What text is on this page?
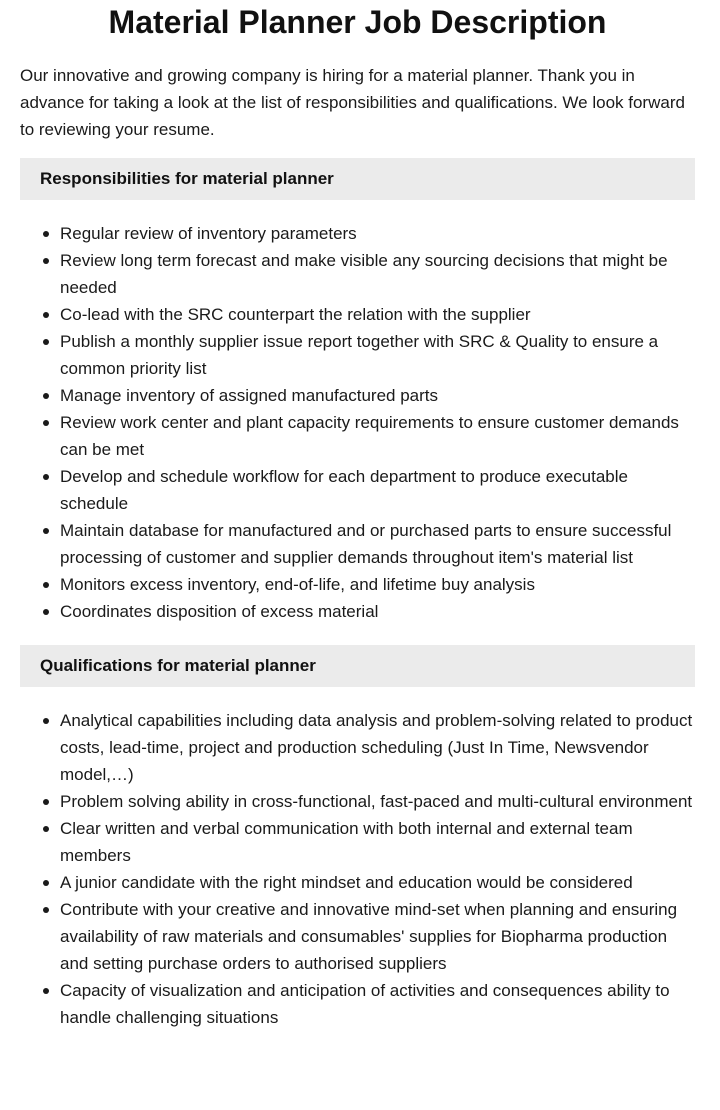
Material Planner Job Description

Our innovative and growing company is hiring for a material planner. Thank you in advance for taking a look at the list of responsibilities and qualifications. We look forward to reviewing your resume.

Responsibilities for material planner
Regular review of inventory parameters
Review long term forecast and make visible any sourcing decisions that might be needed
Co-lead with the SRC counterpart the relation with the supplier
Publish a monthly supplier issue report together with SRC & Quality to ensure a common priority list
Manage inventory of assigned manufactured parts
Review work center and plant capacity requirements to ensure customer demands can be met
Develop and schedule workflow for each department to produce executable schedule
Maintain database for manufactured and or purchased parts to ensure successful processing of customer and supplier demands throughout item's material list
Monitors excess inventory, end-of-life, and lifetime buy analysis
Coordinates disposition of excess material
Qualifications for material planner
Analytical capabilities including data analysis and problem-solving related to product costs, lead-time, project and production scheduling (Just In Time, Newsvendor model,…)
Problem solving ability in cross-functional, fast-paced and multi-cultural environment
Clear written and verbal communication with both internal and external team members
A junior candidate with the right mindset and education would be considered
Contribute with your creative and innovative mind-set when planning and ensuring availability of raw materials and consumables' supplies for Biopharma production and setting purchase orders to authorised suppliers
Capacity of visualization and anticipation of activities and consequences ability to handle challenging situations
